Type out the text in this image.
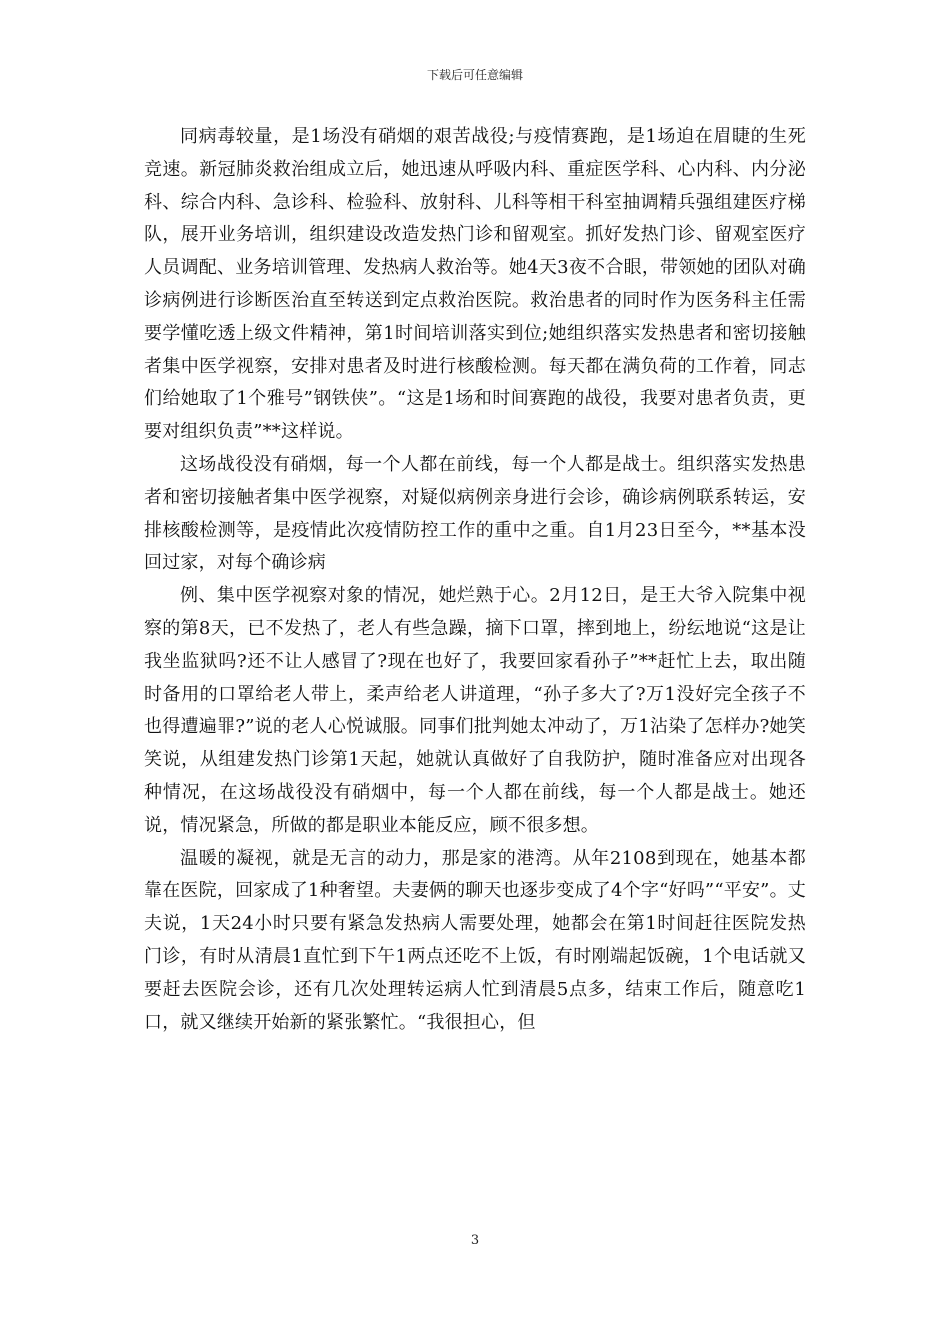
下载后可任意编辑

同病毒较量，是1场没有硝烟的艰苦战役;与疫情赛跑，是1场迫在眉睫的生死竞速。新冠肺炎救治组成立后，她迅速从呼吸内科、重症医学科、心内科、内分泌科、综合内科、急诊科、检验科、放射科、儿科等相干科室抽调精兵强组建医疗梯队，展开业务培训，组织建设改造发热门诊和留观室。抓好发热门诊、留观室医疗人员调配、业务培训管理、发热病人救治等。她4天3夜不合眼，带领她的团队对确诊病例进行诊断医治直至转送到定点救治医院。救治患者的同时作为医务科主任需要学懂吃透上级文件精神，第1时间培训落实到位;她组织落实发热患者和密切接触者集中医学视察，安排对患者及时进行核酸检测。每天都在满负荷的工作着，同志们给她取了1个雅号”钢铁侠”。“这是1场和时间赛跑的战役，我要对患者负责，更要对组织负责”**这样说。

这场战役没有硝烟，每一个人都在前线，每一个人都是战士。组织落实发热患者和密切接触者集中医学视察，对疑似病例亲身进行会诊，确诊病例联系转运，安排核酸检测等，是疫情此次疫情防控工作的重中之重。自1月23日至今，**基本没回过家，对每个确诊病

例、集中医学视察对象的情况，她烂熟于心。2月12日，是王大爷入院集中视察的第8天，已不发热了，老人有些急躁，摘下口罩，摔到地上，纷纭地说“这是让我坐监狱吗?还不让人感冒了?现在也好了，我要回家看孙子”**赶忙上去，取出随时备用的口罩给老人带上，柔声给老人讲道理，“孙子多大了?万1没好完全孩子不也得遭遍罪?”说的老人心悦诚服。同事们批判她太冲动了，万1沾染了怎样办?她笑笑说，从组建发热门诊第1天起，她就认真做好了自我防护，随时准备应对出现各种情况，在这场战役没有硝烟中，每一个人都在前线，每一个人都是战士。她还说，情况紧急，所做的都是职业本能反应，顾不很多想。

温暖的凝视，就是无言的动力，那是家的港湾。从年2108到现在，她基本都靠在医院，回家成了1种奢望。夫妻俩的聊天也逐步变成了4个字“好吗”“平安”。丈夫说，1天24小时只要有紧急发热病人需要处理，她都会在第1时间赶往医院发热门诊，有时从清晨1直忙到下午1两点还吃不上饭，有时刚端起饭碗，1个电话就又要赶去医院会诊，还有几次处理转运病人忙到清晨5点多，结束工作后，随意吃1口，就又继续开始新的紧张繁忙。“我很担心，但

3
